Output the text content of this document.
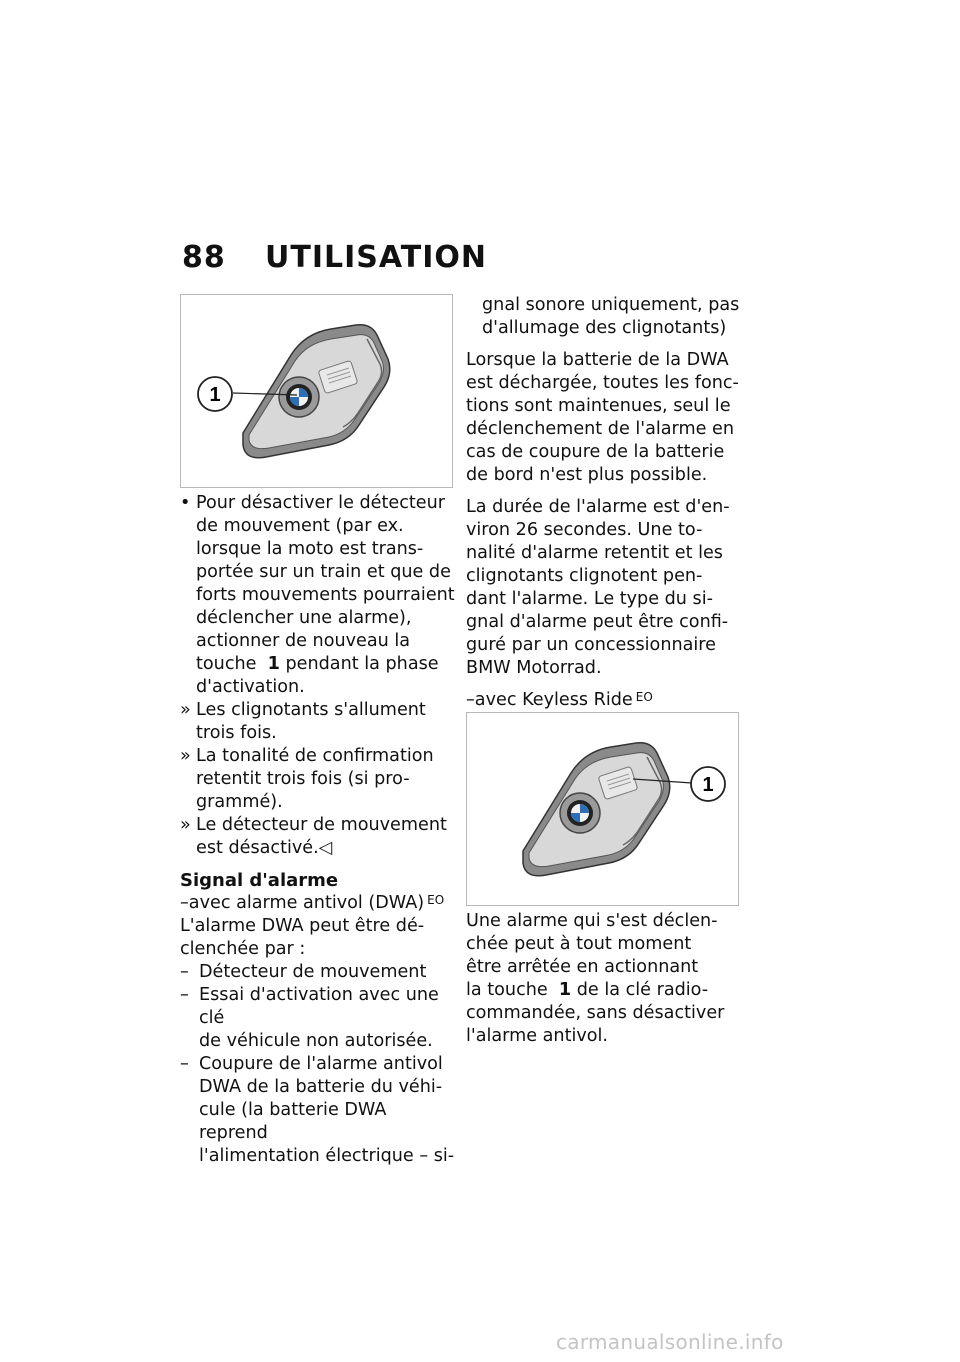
88 UTILISATION
1
• Pour désactiver le détecteur

de mouvement (par ex.

lorsque la moto est trans-

portée sur un train et que de

forts mouvements pourraient

déclencher une alarme),

actionner de nouveau la

touche 1 pendant la phase

d'activation.

» Les clignotants s'allument

trois fois.

» La tonalité de confirmation

retentit trois fois (si pro-

grammé).

» Le détecteur de mouvement

est désactivé.◁

Signal d'alarme

–avec alarme antivol (DWA) $^{EO}$

L'alarme DWA peut être dé-

clenchée par :

– Détecteur de mouvement

– Essai d'activation avec une clé

de véhicule non autorisée.

– Coupure de l'alarme antivol

DWA de la batterie du véhi-

cule (la batterie DWA reprend

l'alimentation électrique – si-

gnal sonore uniquement, pas

d'allumage des clignotants)

Lorsque la batterie de la DWA

est déchargée, toutes les fonc-

tions sont maintenues, seul le

déclenchement de l'alarme en

cas de coupure de la batterie

de bord n'est plus possible.

La durée de l'alarme est d'en-

viron 26 secondes. Une to-

nalité d'alarme retentit et les

clignotants clignotent pen-

dant l'alarme. Le type du si-

gnal d'alarme peut être confi-

guré par un concessionnaire

BMW Motorrad.

–avec Keyless Ride $^{EO}$

1

Une alarme qui s'est déclen-

chée peut à tout moment

être arrêtée en actionnant

la touche 1 de la clé radio-

commandée, sans désactiver

l'alarme antivol.

carmanualsonline.info
